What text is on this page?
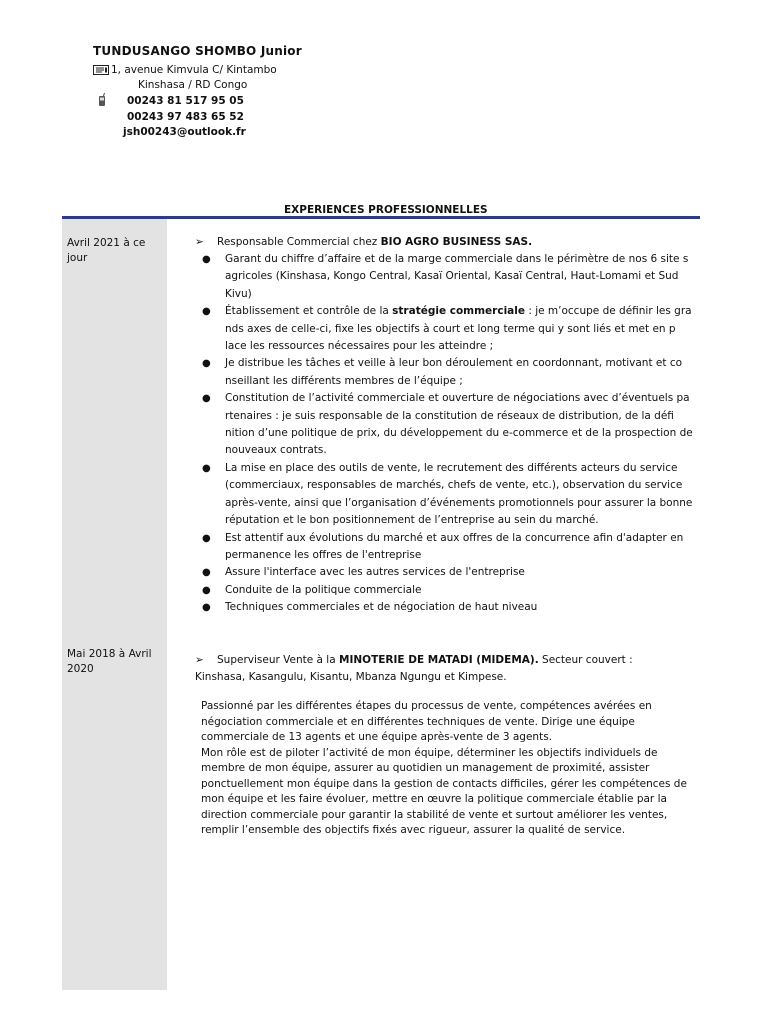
TUNDUSANGO SHOMBO Junior
1, avenue Kimvula C/ Kintambo
Kinshasa / RD Congo
00243 81 517 95 05
00243 97 483 65 52
jsh00243@outlook.fr
EXPERIENCES PROFESSIONNELLES
Avril 2021 à ce jour
➢ Responsable Commercial chez BIO AGRO BUSINESS SAS.
● Garant du chiffre d’affaire et de la marge commerciale dans le périmètre de nos 6 site s agricoles (Kinshasa, Kongo Central, Kasaï Oriental, Kasaï Central, Haut-Lomami et Sud Kivu)
● Établissement et contrôle de la stratégie commerciale : je m’occupe de définir les gra nds axes de celle-ci, fixe les objectifs à court et long terme qui y sont liés et met en p lace les ressources nécessaires pour les atteindre ;
● Je distribue les tâches et veille à leur bon déroulement en coordonnant, motivant et co nseillant les différents membres de l’équipe ;
● Constitution de l’activité commerciale et ouverture de négociations avec d’éventuels pa rtenaires : je suis responsable de la constitution de réseaux de distribution, de la défi nition d’une politique de prix, du développement du e-commerce et de la prospection de nouveaux contrats.
● La mise en place des outils de vente, le recrutement des différents acteurs du service (commerciaux, responsables de marchés, chefs de vente, etc.), observation du service après-vente, ainsi que l’organisation d’événements promotionnels pour assurer la bonne réputation et le bon positionnement de l’entreprise au sein du marché.
● Est attentif aux évolutions du marché et aux offres de la concurrence afin d'adapter en permanence les offres de l'entreprise
● Assure l'interface avec les autres services de l'entreprise
● Conduite de la politique commerciale
● Techniques commerciales et de négociation de haut niveau
Mai 2018 à Avril 2020
➢ Superviseur Vente à la MINOTERIE DE MATADI (MIDEMA). Secteur couvert : Kinshasa, Kasangulu, Kisantu, Mbanza Ngungu et Kimpese.
Passionné par les différentes étapes du processus de vente, compétences avérées en négociation commerciale et en différentes techniques de vente. Dirige une équipe commerciale de 13 agents et une équipe après-vente de 3 agents.
Mon rôle est de piloter l’activité de mon équipe, déterminer les objectifs individuels de membre de mon équipe, assurer au quotidien un management de proximité, assister ponctuellement mon équipe dans la gestion de contacts difficiles, gérer les compétences de mon équipe et les faire évoluer, mettre en œuvre la politique commerciale établie par la direction commerciale pour garantir la stabilité de vente et surtout améliorer les ventes, remplir l’ensemble des objectifs fixés avec rigueur, assurer la qualité de service.
